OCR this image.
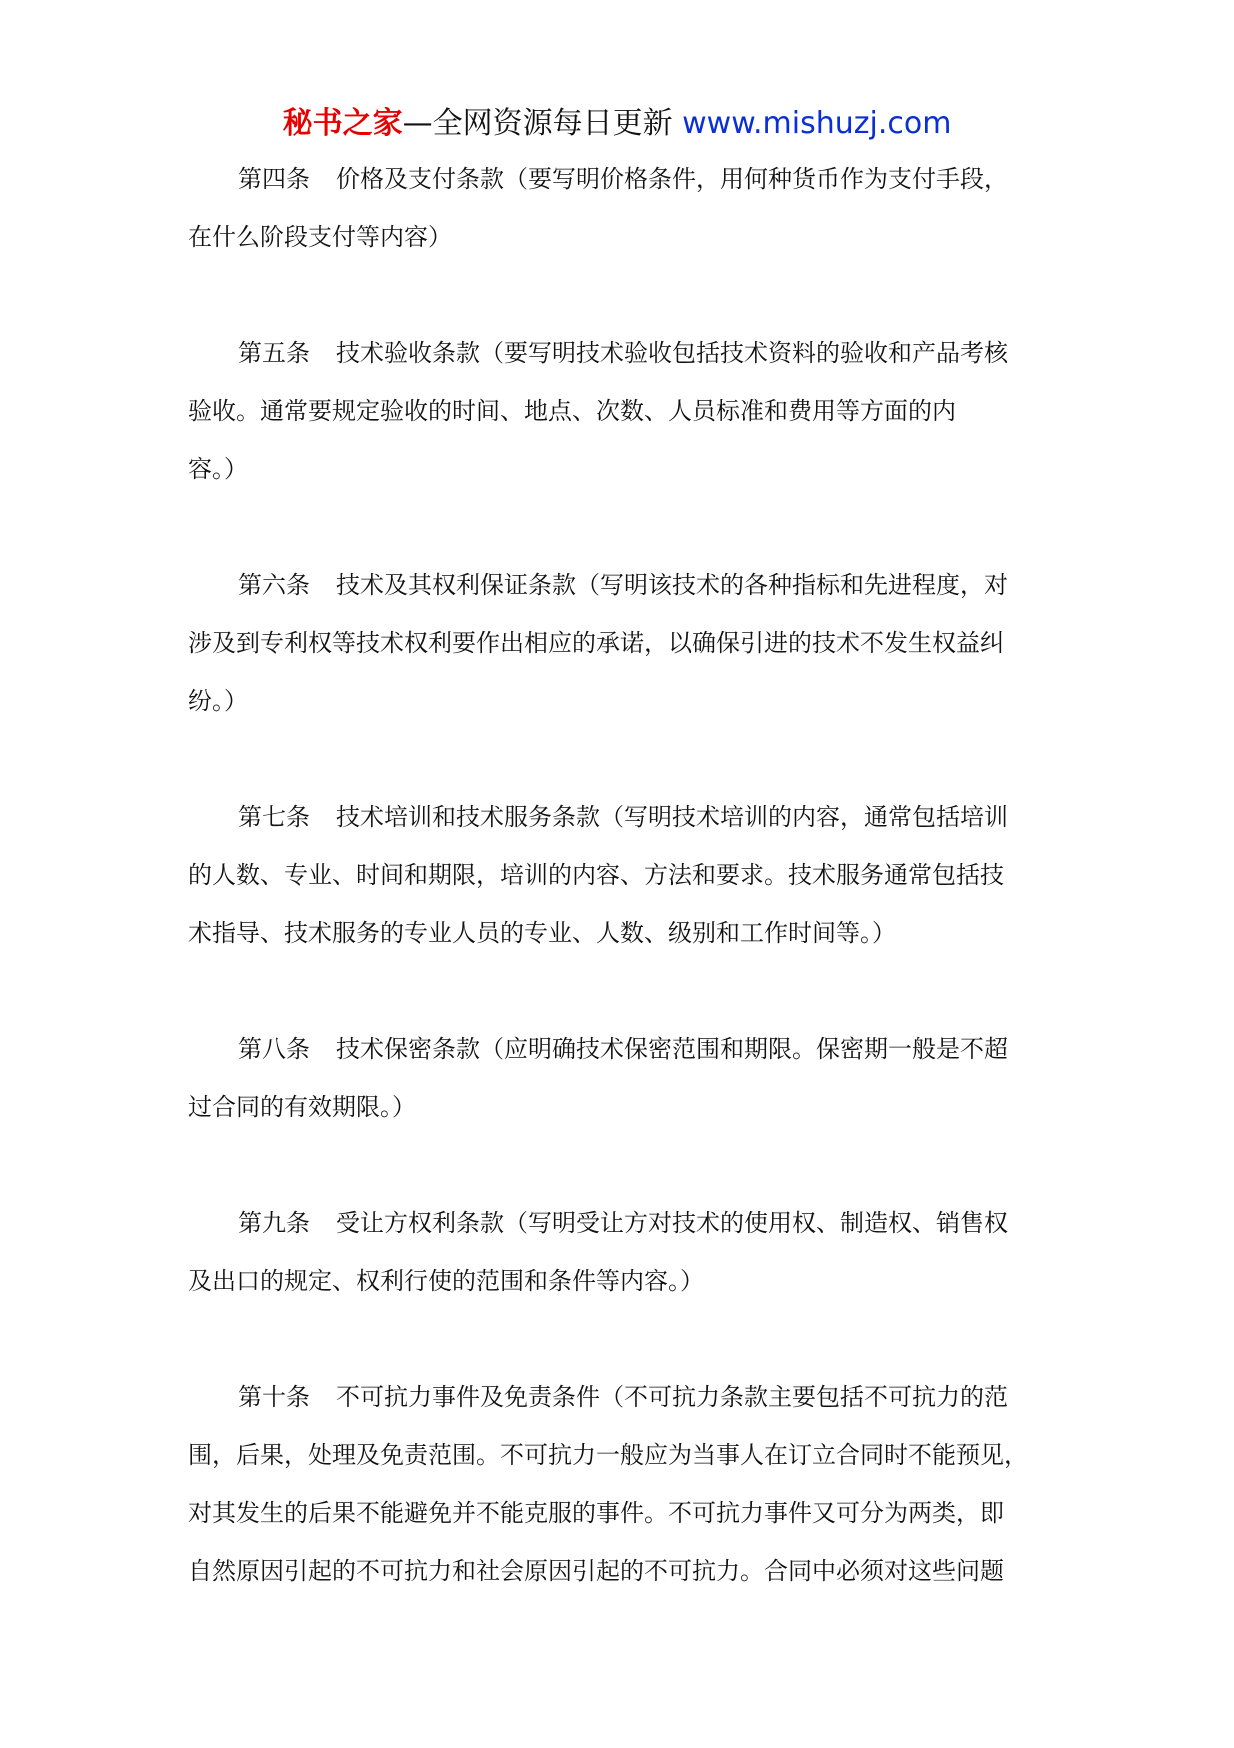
秘书之家—全网资源每日更新 www.mishuzj.com
第四条 价格及支付条款（要写明价格条件，用何种货币作为支付手段，
在什么阶段支付等内容）
第五条 技术验收条款（要写明技术验收包括技术资料的验收和产品考核
验收。通常要规定验收的时间、地点、次数、人员标准和费用等方面的内
容。）
第六条 技术及其权利保证条款（写明该技术的各种指标和先进程度，对
涉及到专利权等技术权利要作出相应的承诺，以确保引进的技术不发生权益纠
纷。）
第七条 技术培训和技术服务条款（写明技术培训的内容，通常包括培训
的人数、专业、时间和期限，培训的内容、方法和要求。技术服务通常包括技
术指导、技术服务的专业人员的专业、人数、级别和工作时间等。）
第八条 技术保密条款（应明确技术保密范围和期限。保密期一般是不超
过合同的有效期限。）
第九条 受让方权利条款（写明受让方对技术的使用权、制造权、销售权
及出口的规定、权利行使的范围和条件等内容。）
第十条 不可抗力事件及免责条件（不可抗力条款主要包括不可抗力的范
围，后果，处理及免责范围。不可抗力一般应为当事人在订立合同时不能预见，
对其发生的后果不能避免并不能克服的事件。不可抗力事件又可分为两类，即
自然原因引起的不可抗力和社会原因引起的不可抗力。合同中必须对这些问题
